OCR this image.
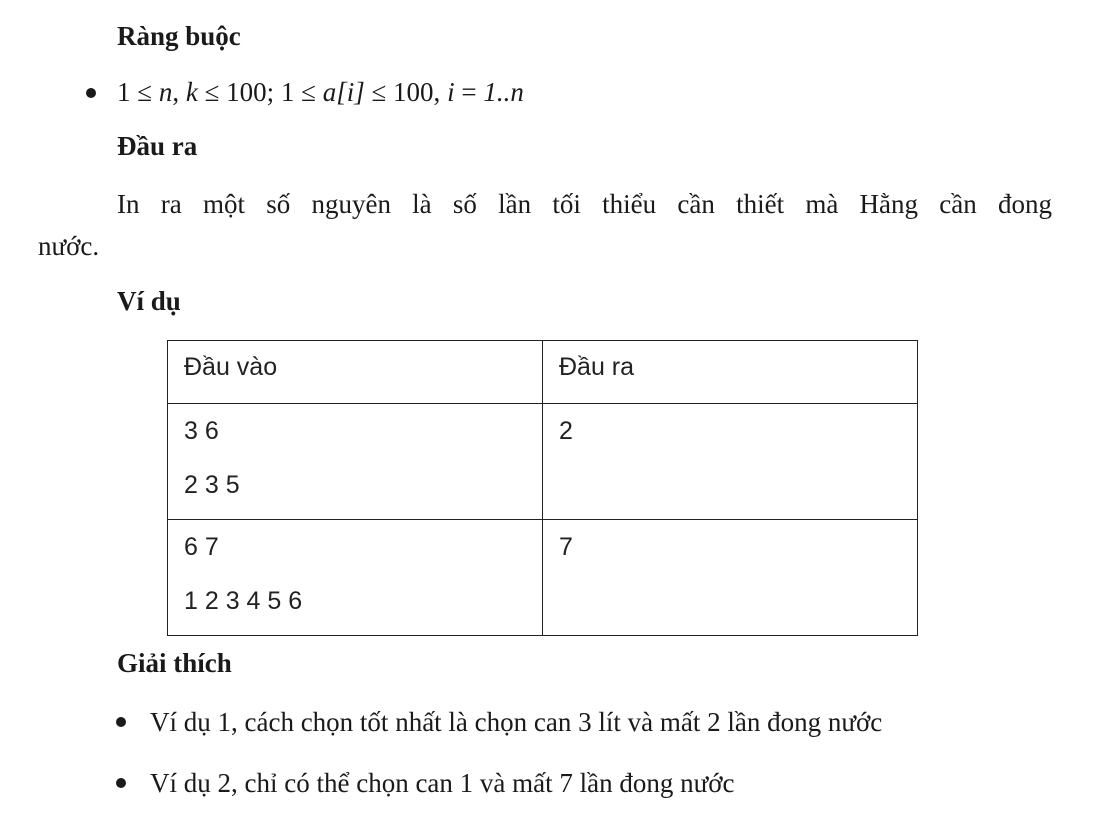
Ràng buộc
1 ≤ n, k ≤ 100; 1 ≤ a[i] ≤ 100, i = 1..n
Đầu ra

In ra một số nguyên là số lần tối thiểu cần thiết mà Hằng cần đong

nước.

Ví dụ
Đầu vào	Đầu ra

3 6
2 3 5	2

6 7
1 2 3 4 5 6	7
Giải thích
Ví dụ 1, cách chọn tốt nhất là chọn can 3 lít và mất 2 lần đong nước
Ví dụ 2, chỉ có thể chọn can 1 và mất 7 lần đong nước
